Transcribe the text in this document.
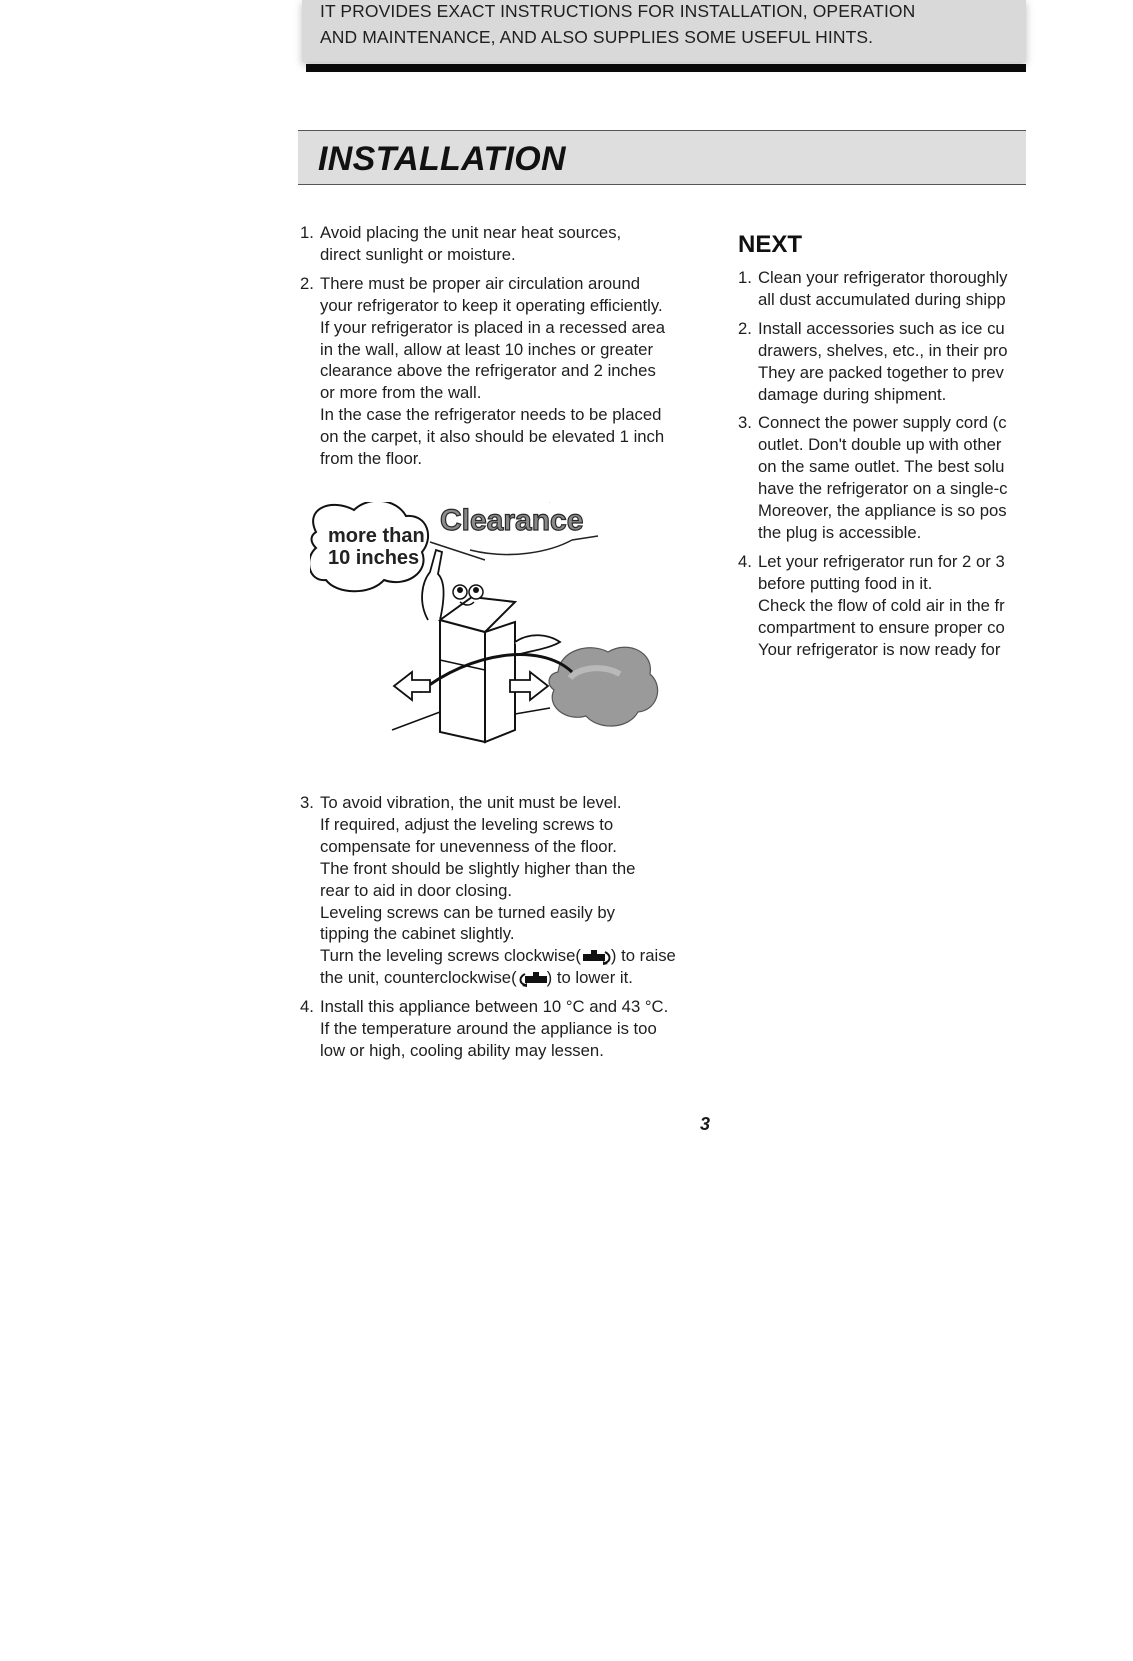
IT PROVIDES EXACT INSTRUCTIONS FOR INSTALLATION, OPERATION
AND MAINTENANCE, AND ALSO SUPPLIES SOME USEFUL HINTS.

INSTALLATION
1. Avoid placing the unit near heat sources,
direct sunlight or moisture.

2. There must be proper air circulation around
your refrigerator to keep it operating efficiently.
If your refrigerator is placed in a recessed area
in the wall, allow at least 10 inches or greater
clearance above the refrigerator and 2 inches
or more from the wall.
In the case the refrigerator needs to be placed
on the carpet, it also should be elevated 1 inch
from the floor.

more than
10 inches
Clearance
3. To avoid vibration, the unit must be level.
If required, adjust the leveling screws to
compensate for unevenness of the floor.
The front should be slightly higher than the
rear to aid in door closing.
Leveling screws can be turned easily by
tipping the cabinet slightly.
Turn the leveling screws clockwise( ) to raise
the unit, counterclockwise( ) to lower it.

4. Install this appliance between 10 °C and 43 °C.
If the temperature around the appliance is too
low or high, cooling ability may lessen.

NEXT
1. Clean your refrigerator thoroughly

all dust accumulated during shipp

2. Install accessories such as ice cu

drawers, shelves, etc., in their pro

They are packed together to prev

damage during shipment.

3. Connect the power supply cord (c

outlet. Don't double up with other

on the same outlet. The best solu

have the refrigerator on a single-c

Moreover, the appliance is so pos

the plug is accessible.

4. Let your refrigerator run for 2 or 3

before putting food in it.

Check the flow of cold air in the fr

compartment to ensure proper co

Your refrigerator is now ready for

3
